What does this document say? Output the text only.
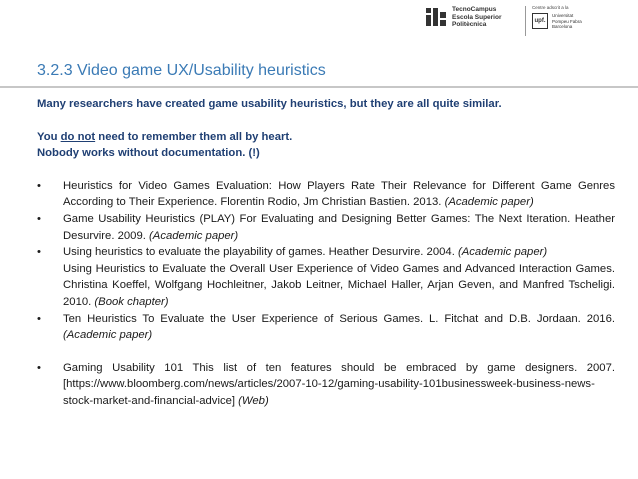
TecnoCampus
Escola Superior
Politècnica
Centre adscrit a la
upf.
Universitat
Pompeu Fabra
Barcelona
3.2.3 Video game UX/Usability heuristics

Many researchers have created game usability heuristics, but they are all quite similar.

You do not need to remember them all by heart.

Nobody works without documentation. (!)

• Heuristics for Video Games Evaluation: How Players Rate Their Relevance for Different Game Genres According to Their Experience. Florentin Rodio, Jm Christian Bastien. 2013. (Academic paper)
• Game Usability Heuristics (PLAY) For Evaluating and Designing Better Games: The Next Iteration. Heather Desurvire. 2009. (Academic paper)
• Using heuristics to evaluate the playability of games. Heather Desurvire. 2004. (Academic paper)
Using Heuristics to Evaluate the Overall User Experience of Video Games and Advanced Interaction Games. Christina Koeffel, Wolfgang Hochleitner, Jakob Leitner, Michael Haller, Arjan Geven, and Manfred Tscheligi. 2010. (Book chapter)
• Ten Heuristics To Evaluate the User Experience of Serious Games. L. Fitchat and D.B. Jordaan. 2016. (Academic paper)
• Gaming Usability 101 This list of ten features should be embraced by game designers. 2007. [https://www.bloomberg.com/news/articles/2007-10-12/gaming-usability-101businessweek-business-news-stock-market-and-financial-advice] (Web)
